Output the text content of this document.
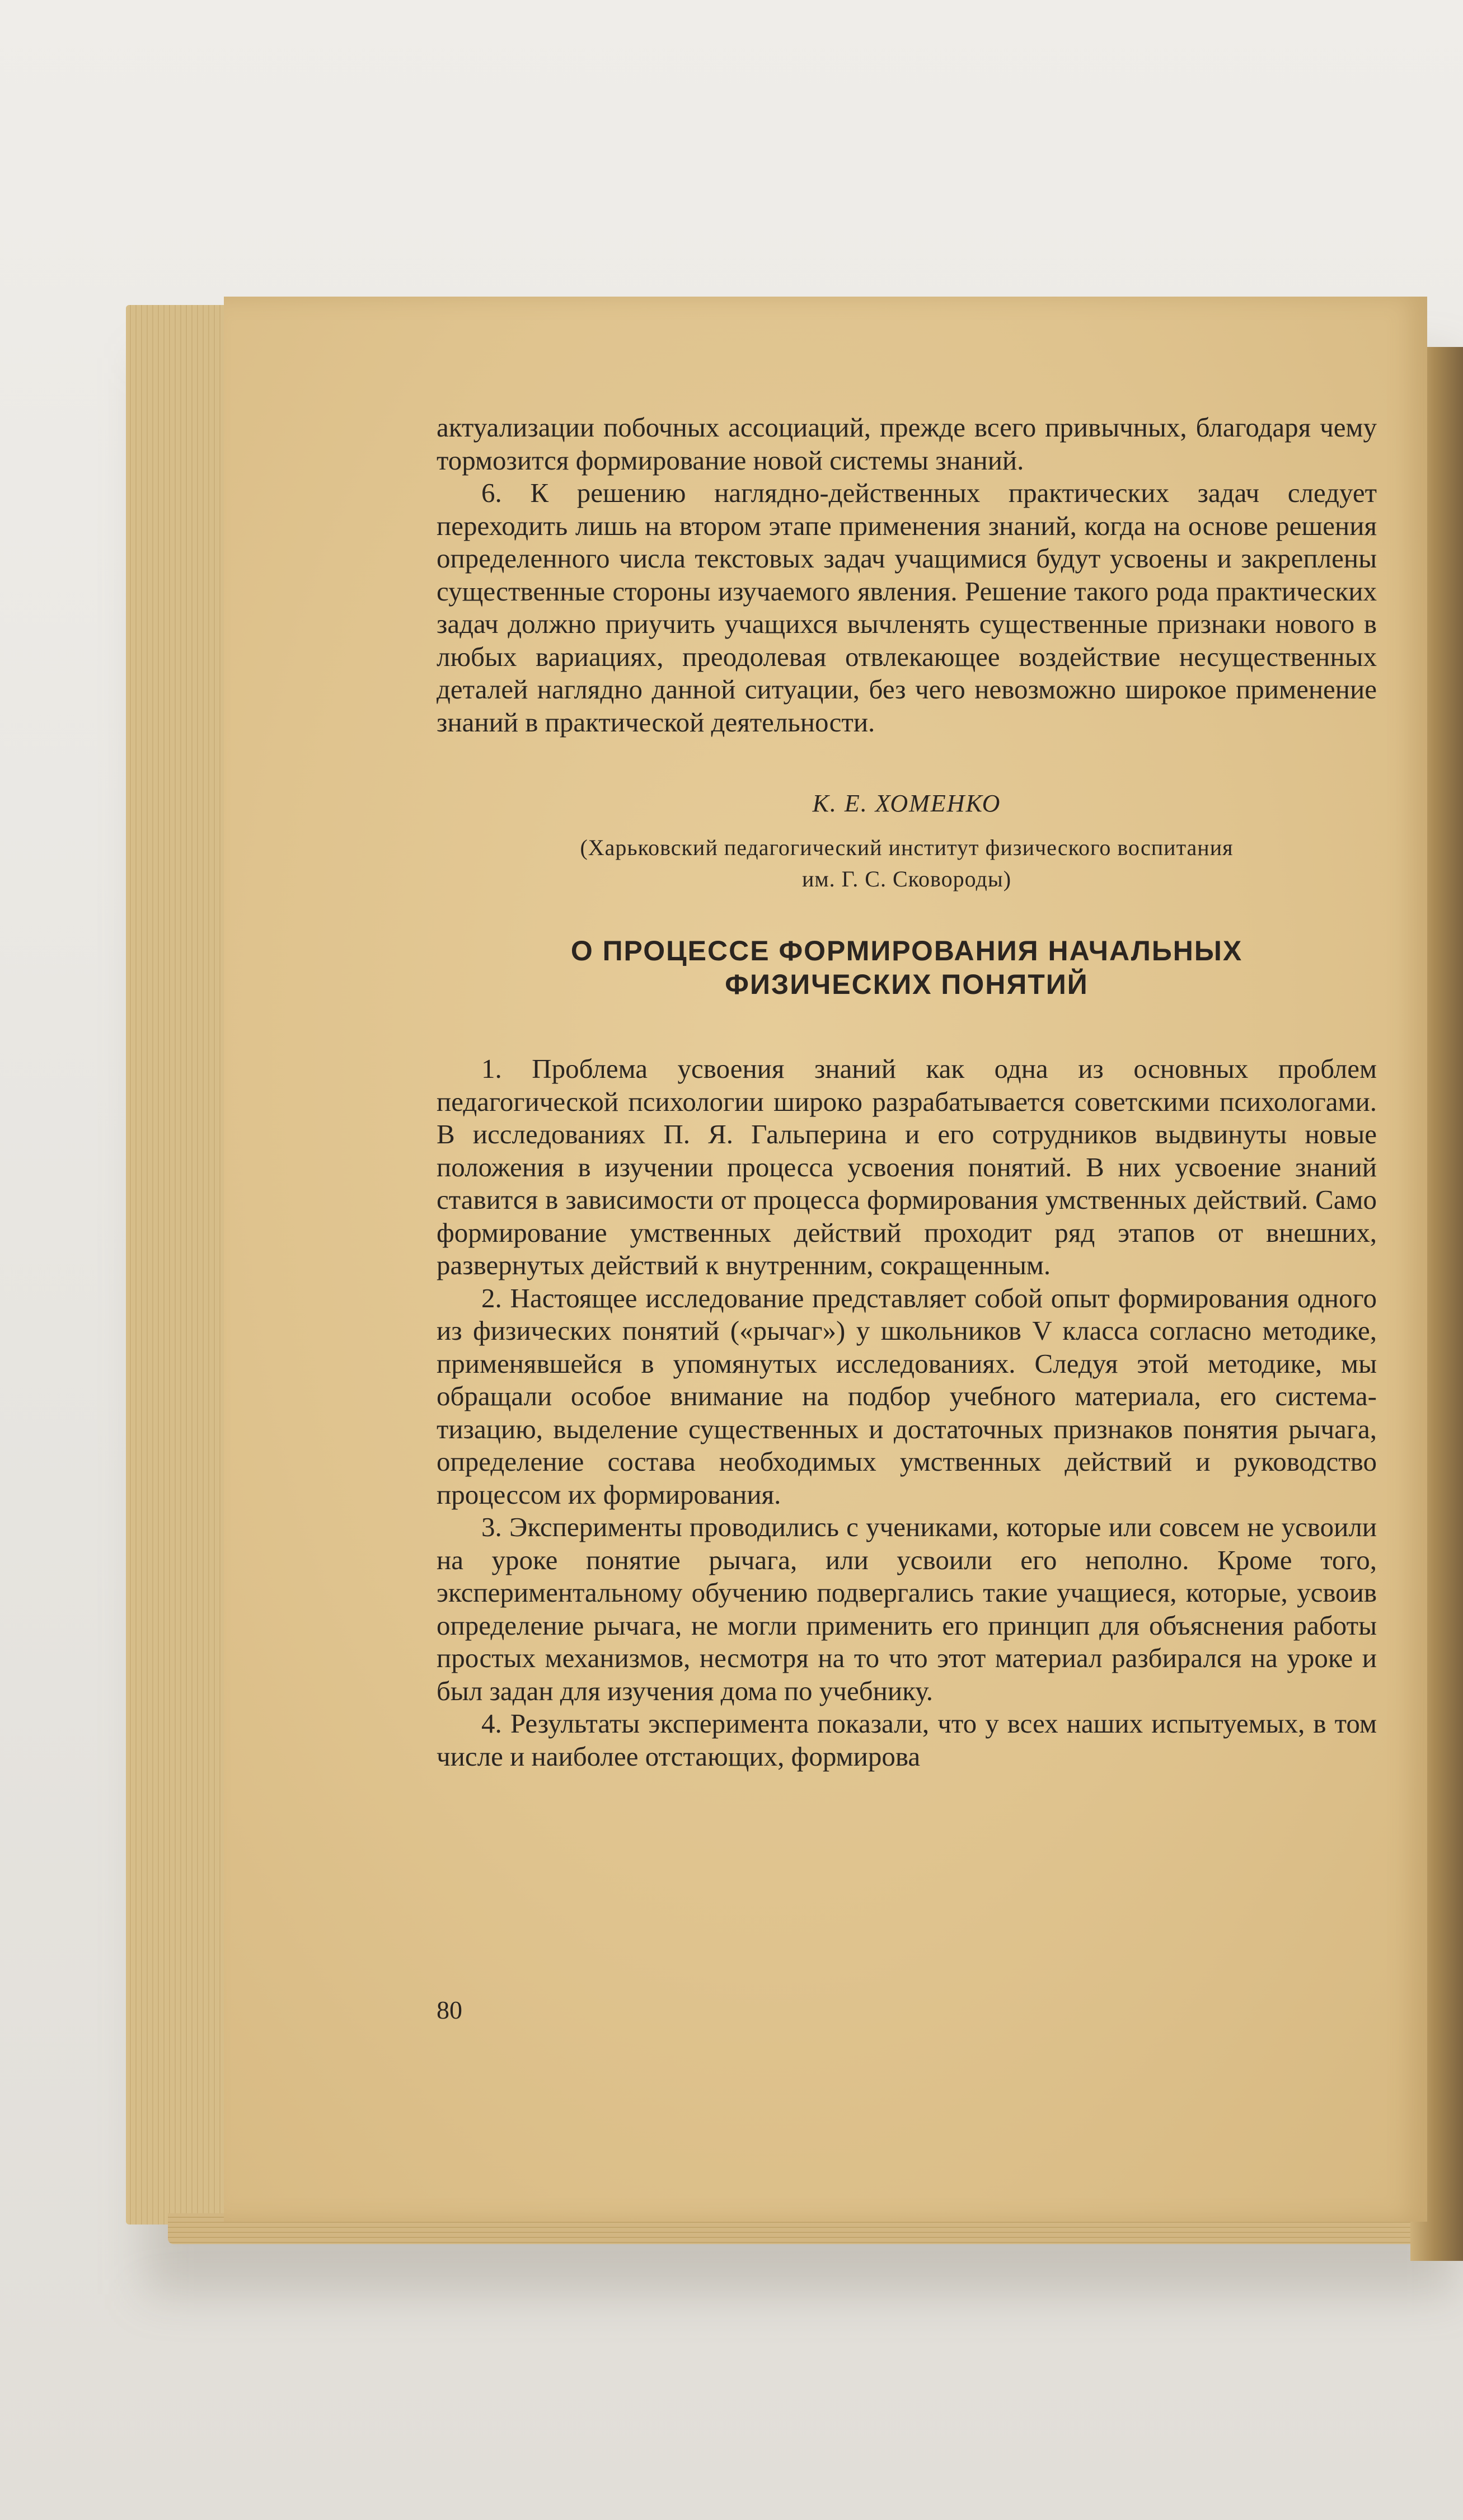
актуализации побочных ассоциаций, прежде всего привычных, благодаря чему тормозится формирование новой системы знаний.

6. К решению наглядно-действенных практических задач следует переходить лишь на втором этапе применения знаний, когда на основе решения определенного числа текстовых задач учащимися будут усвоены и закреплены существенные стороны изучаемого явления. Решение такого рода практических задач должно приучить учащихся вычленять существенные признаки нового в любых вариациях, преодолевая отвлекающее воздействие несущественных деталей наглядно данной ситуации, без чего невозможно широкое применение знаний в практической деятельности.

К. Е. ХОМЕНКО

(Харьковский педагогический институт физического воспитания
им. Г. С. Сковороды)

О ПРОЦЕССЕ ФОРМИРОВАНИЯ НАЧАЛЬНЫХ
ФИЗИЧЕСКИХ ПОНЯТИЙ

1. Проблема усвоения знаний как одна из основных проблем педагогической психологии широко разрабатывается советскими психологами. В исследованиях П. Я. Гальперина и его сотрудников выдвинуты новые положения в изучении процесса усвоения понятий. В них усвоение знаний ставится в зависимости от процесса формирования умственных действий. Само формирование умственных действий проходит ряд этапов от внешних, развернутых действий к внутренним, сокращенным.

2. Настоящее исследование представляет собой опыт формирования одного из физических понятий («рычаг») у школьников V класса согласно методике, применявшейся в упомянутых исследованиях. Следуя этой методике, мы обращали особое внимание на подбор учебного материала, его систематизацию, выделение существенных и достаточных признаков понятия рычага, определение состава необходимых умственных действий и руководство процессом их формирования.

3. Эксперименты проводились с учениками, которые или совсем не усвоили на уроке понятие рычага, или усвоили его неполно. Кроме того, экспериментальному обучению подвергались такие учащиеся, которые, усвоив определение рычага, не могли применить его принцип для объяснения работы простых механизмов, несмотря на то что этот материал разбирался на уроке и был задан для изучения дома по учебнику.

4. Результаты эксперимента показали, что у всех наших испытуемых, в том числе и наиболее отстающих, формирова

80
